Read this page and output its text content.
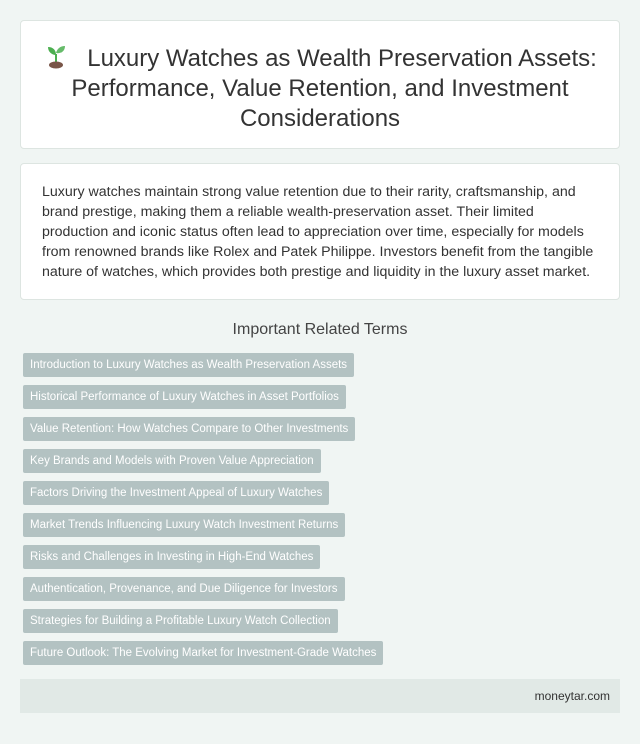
Luxury Watches as Wealth Preservation Assets: Performance, Value Retention, and Investment Considerations

Luxury watches maintain strong value retention due to their rarity, craftsmanship, and brand prestige, making them a reliable wealth-preservation asset. Their limited production and iconic status often lead to appreciation over time, especially for models from renowned brands like Rolex and Patek Philippe. Investors benefit from the tangible nature of watches, which provides both prestige and liquidity in the luxury asset market.

Important Related Terms
Introduction to Luxury Watches as Wealth Preservation Assets
Historical Performance of Luxury Watches in Asset Portfolios
Value Retention: How Watches Compare to Other Investments
Key Brands and Models with Proven Value Appreciation
Factors Driving the Investment Appeal of Luxury Watches
Market Trends Influencing Luxury Watch Investment Returns
Risks and Challenges in Investing in High-End Watches
Authentication, Provenance, and Due Diligence for Investors
Strategies for Building a Profitable Luxury Watch Collection
Future Outlook: The Evolving Market for Investment-Grade Watches
moneytar.com
